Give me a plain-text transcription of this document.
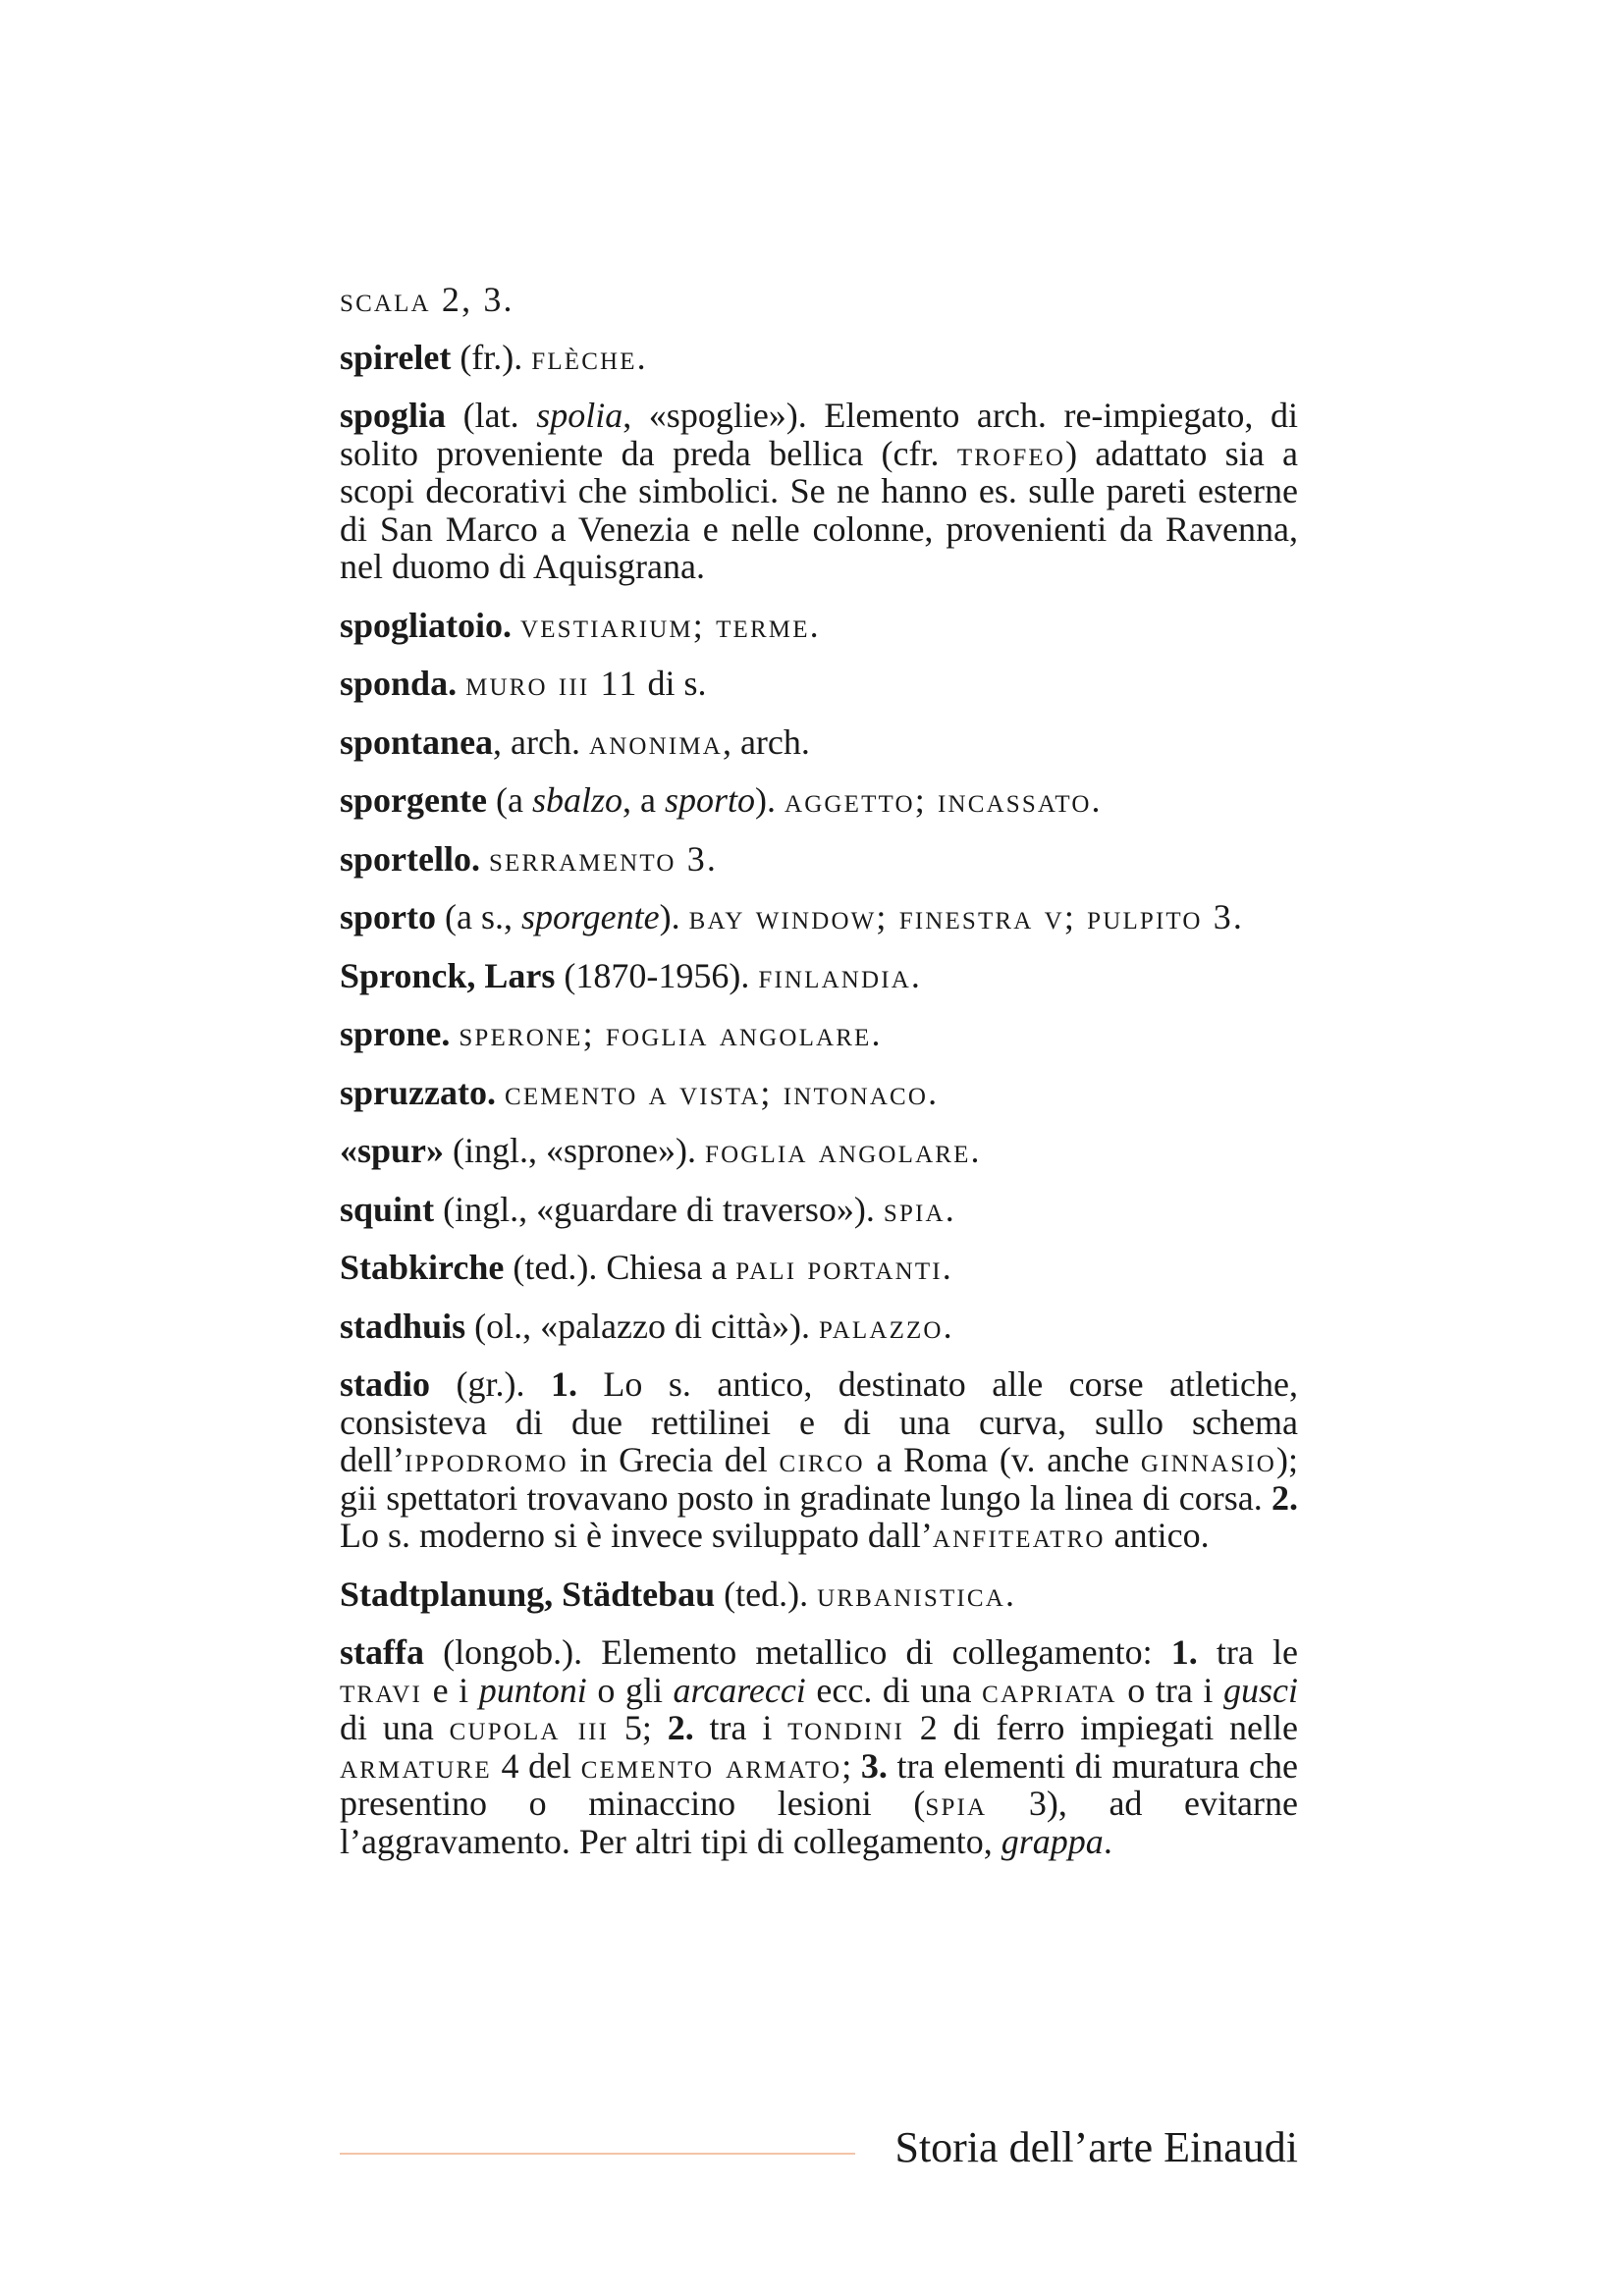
scala 2, 3.

spirelet (fr.). flèche.

spoglia (lat. spolia, «spoglie»). Elemento arch. re-impiegato, di solito proveniente da preda bellica (cfr. trofeo) adattato sia a scopi decorativi che simbolici. Se ne hanno es. sulle pareti esterne di San Marco a Venezia e nelle colonne, provenienti da Ravenna, nel duomo di Aquisgrana.

spogliatoio. vestiarium; terme.

sponda. muro iii 11 di s.

spontanea, arch. anonima, arch.

sporgente (a sbalzo, a sporto). aggetto; incassato.

sportello. serramento 3.

sporto (a s., sporgente). bay window; finestra v; pulpito 3.

Spronck, Lars (1870-1956). finlandia.

sprone. sperone; foglia angolare.

spruzzato. cemento a vista; intonaco.

«spur» (ingl., «sprone»). foglia angolare.

squint (ingl., «guardare di traverso»). spia.

Stabkirche (ted.). Chiesa a pali portanti.

stadhuis (ol., «palazzo di città»). palazzo.

stadio (gr.). 1. Lo s. antico, destinato alle corse atletiche, consisteva di due rettilinei e di una curva, sullo schema dell’ippodromo in Grecia del circo a Roma (v. anche ginnasio); gii spettatori trovavano posto in gradinate lungo la linea di corsa. 2. Lo s. moderno si è invece sviluppato dall’anfiteatro antico.

Stadtplanung, Städtebau (ted.). urbanistica.

staffa (longob.). Elemento metallico di collegamento: 1. tra le travi e i puntoni o gli arcarecci ecc. di una capriata o tra i gusci di una cupola iii 5; 2. tra i tondini 2 di ferro impiegati nelle armature 4 del cemento armato; 3. tra elementi di muratura che presentino o minaccino lesioni (spia 3), ad evitarne l’aggravamento. Per altri tipi di collegamento, grappa.

Storia dell’arte Einaudi
